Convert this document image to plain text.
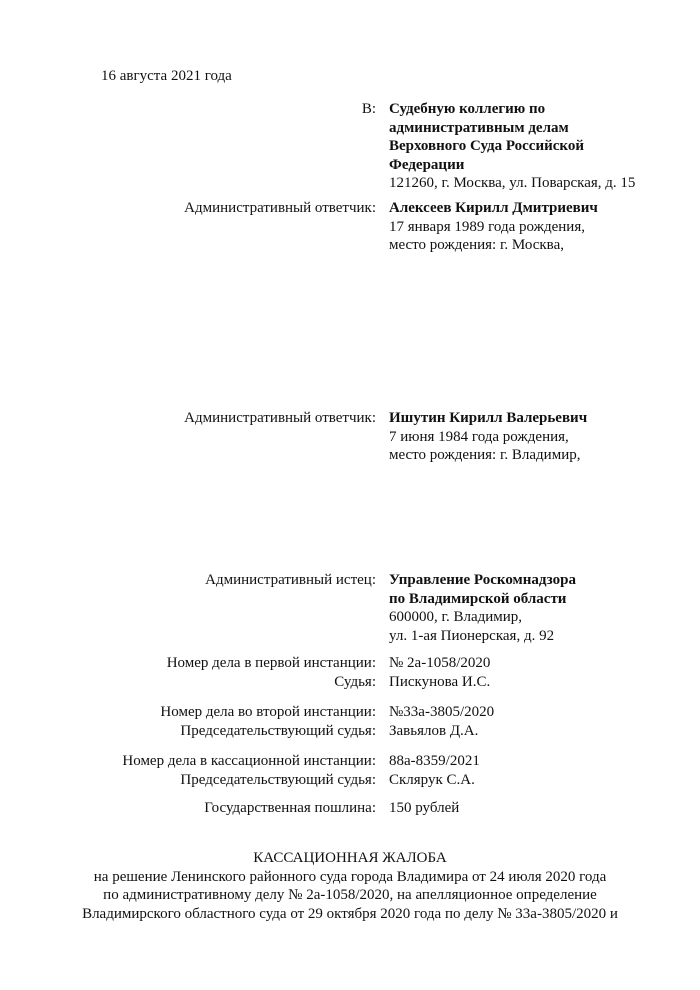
16 августа 2021 года
В: Судебную коллегию по
административным делам
Верховного Суда Российской
Федерации
121260, г. Москва, ул. Поварская, д. 15
Административный ответчик: Алексеев Кирилл Дмитриевич
17 января 1989 года рождения,
место рождения: г. Москва,
Административный ответчик: Ишутин Кирилл Валерьевич
7 июня 1984 года рождения,
место рождения: г. Владимир,
Административный истец: Управление Роскомнадзора
по Владимирской области
600000, г. Владимир,
ул. 1-ая Пионерская, д. 92
Номер дела в первой инстанции:
Судья:
№ 2а-1058/2020
Пискунова И.С.
Номер дела во второй инстанции:
Председательствующий судья:
№33а-3805/2020
Завьялов Д.А.
Номер дела в кассационной инстанции:
Председательствующий судья:
88а-8359/2021
Склярук С.А.
Государственная пошлина: 150 рублей
КАССАЦИОННАЯ ЖАЛОБА
на решение Ленинского районного суда города Владимира от 24 июля 2020 года
по административному делу № 2а-1058/2020, на апелляционное определение
Владимирского областного суда от 29 октября 2020 года по делу № 33а-3805/2020 и
